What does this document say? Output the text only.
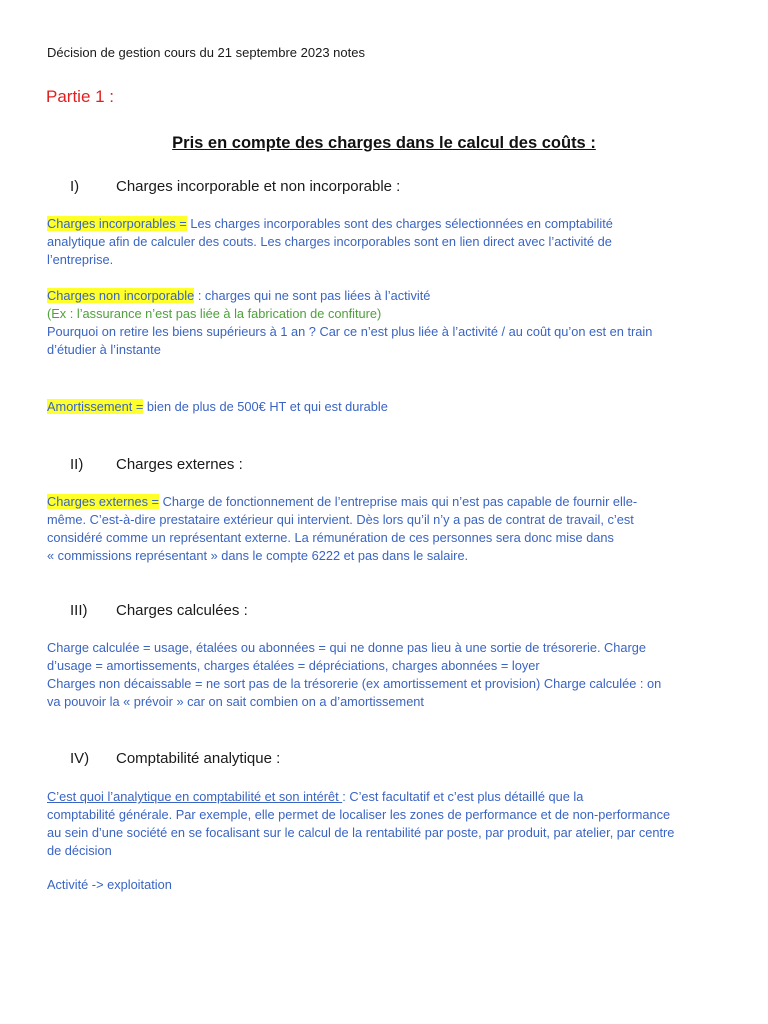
Décision de gestion cours du 21 septembre 2023 notes
Partie 1 :
Pris en compte des charges dans le calcul des coûts :
I) Charges incorporable et non incorporable :
Charges incorporables = Les charges incorporables sont des charges sélectionnées en comptabilité
analytique afin de calculer des couts. Les charges incorporables sont en lien direct avec l’activité de
l’entreprise.
Charges non incorporable : charges qui ne sont pas liées à l’activité
(Ex : l’assurance n’est pas liée à la fabrication de confiture)
Pourquoi on retire les biens supérieurs à 1 an ? Car ce n’est plus liée à l’activité / au coût qu’on est en train
d’étudier à l’instante
Amortissement = bien de plus de 500€ HT et qui est durable
II) Charges externes :
Charges externes = Charge de fonctionnement de l’entreprise mais qui n’est pas capable de fournir elle-
même. C’est-à-dire prestataire extérieur qui intervient. Dès lors qu’il n’y a pas de contrat de travail, c’est
considéré comme un représentant externe. La rémunération de ces personnes sera donc mise dans
« commissions représentant » dans le compte 6222 et pas dans le salaire.
III) Charges calculées :
Charge calculée = usage, étalées ou abonnées = qui ne donne pas lieu à une sortie de trésorerie. Charge
d’usage = amortissements, charges étalées = dépréciations, charges abonnées = loyer
Charges non décaissable = ne sort pas de la trésorerie (ex amortissement et provision) Charge calculée : on
va pouvoir la « prévoir » car on sait combien on a d’amortissement
IV) Comptabilité analytique :
C’est quoi l’analytique en comptabilité et son intérêt : C’est facultatif et c’est plus détaillé que la
comptabilité générale. Par exemple, elle permet de localiser les zones de performance et de non-performance
au sein d’une société en se focalisant sur le calcul de la rentabilité par poste, par produit, par atelier, par centre
de décision
Activité -> exploitation
